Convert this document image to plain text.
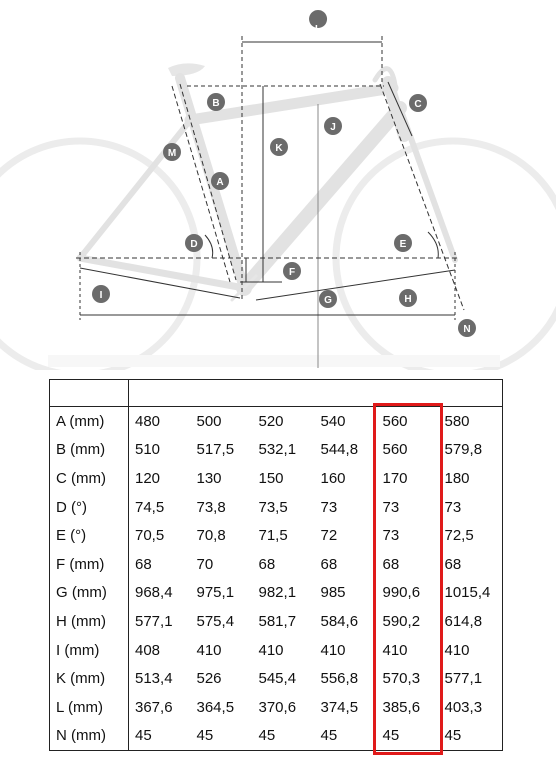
L
B	C
M
J
K
A
D	E
F
I	G	H
N

A (mm)	480	500	520	540	560	580
B (mm)	510	517,5	532,1	544,8	560	579,8
C (mm)	120	130	150	160	170	180
D (°)	74,5	73,8	73,5	73	73	73
E (°)	70,5	70,8	71,5	72	73	72,5
F (mm)	68	70	68	68	68	68
G (mm)	968,4	975,1	982,1	985	990,6	1015,4
H (mm)	577,1	575,4	581,7	584,6	590,2	614,8
I (mm)	408	410	410	410	410	410
K (mm)	513,4	526	545,4	556,8	570,3	577,1
L (mm)	367,6	364,5	370,6	374,5	385,6	403,3
N (mm)	45	45	45	45	45	45
